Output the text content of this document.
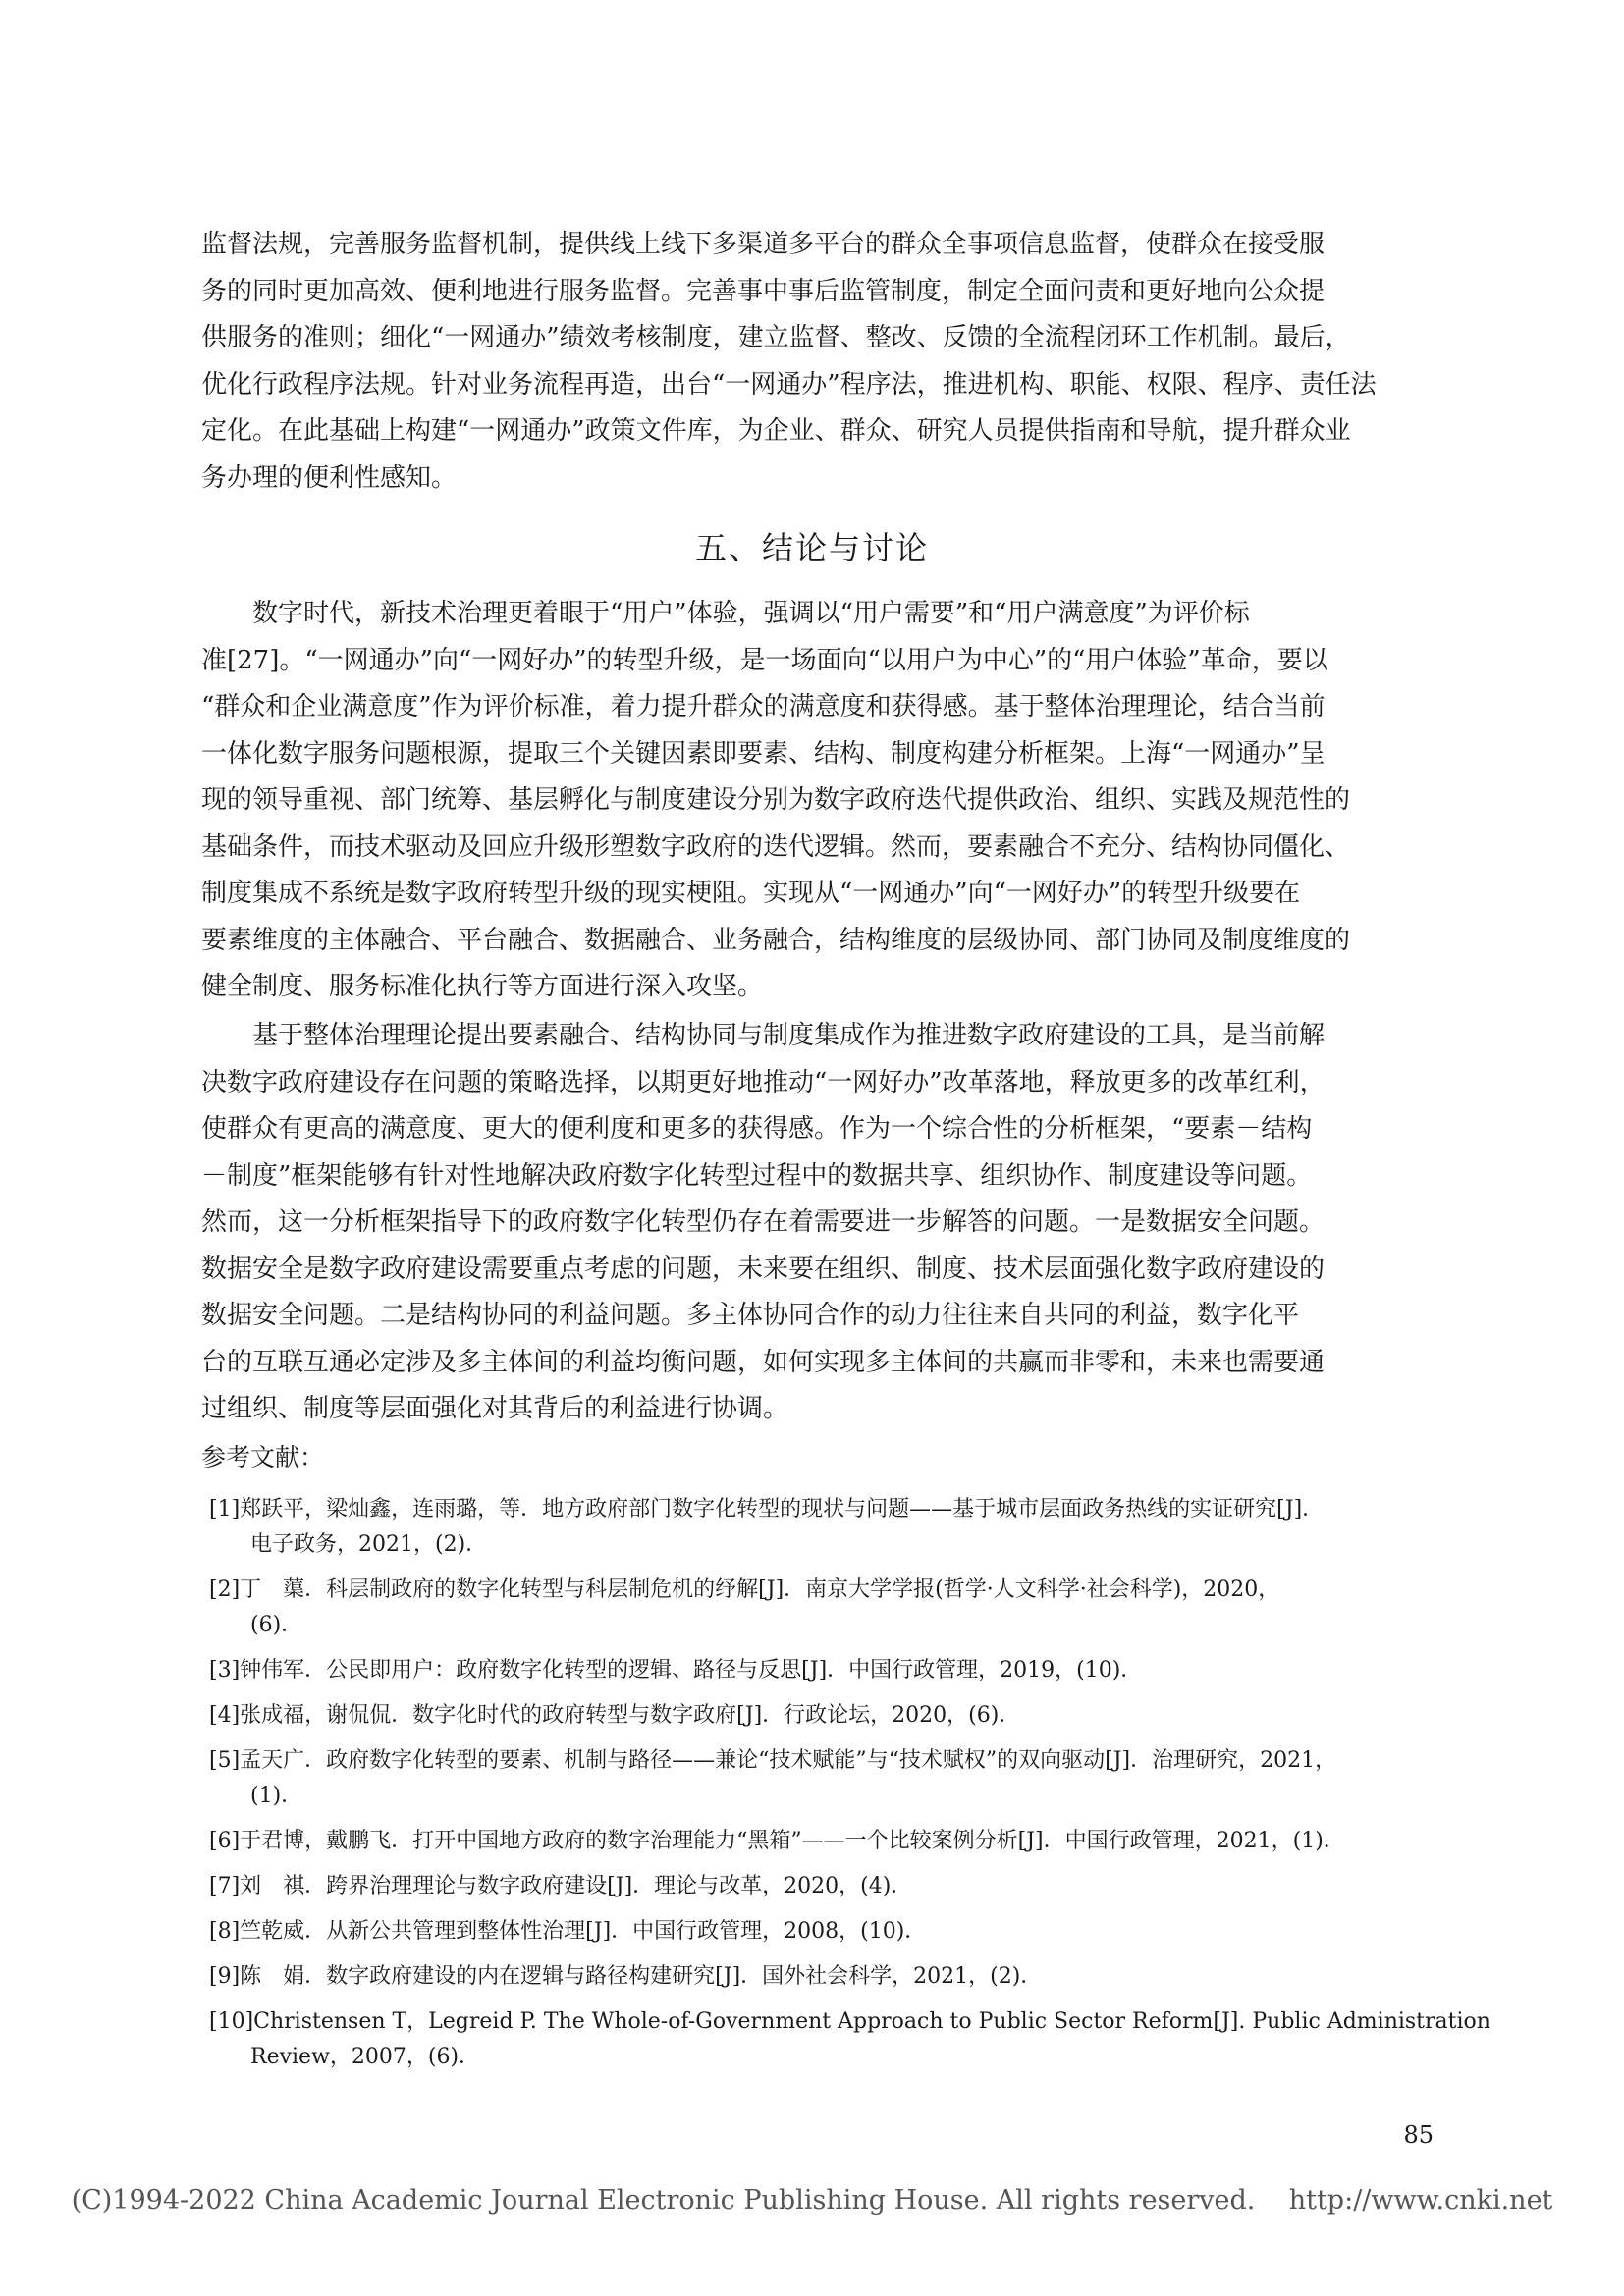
监督法规，完善服务监督机制，提供线上线下多渠道多平台的群众全事项信息监督，使群众在接受服
务的同时更加高效、便利地进行服务监督。完善事中事后监管制度，制定全面问责和更好地向公众提
供服务的准则；细化“一网通办”绩效考核制度，建立监督、整改、反馈的全流程闭环工作机制。最后，
优化行政程序法规。针对业务流程再造，出台“一网通办”程序法，推进机构、职能、权限、程序、责任法
定化。在此基础上构建“一网通办”政策文件库，为企业、群众、研究人员提供指南和导航，提升群众业
务办理的便利性感知。
五、结论与讨论
数字时代，新技术治理更着眼于“用户”体验，强调以“用户需要”和“用户满意度”为评价标
准[27]。“一网通办”向“一网好办”的转型升级，是一场面向“以用户为中心”的“用户体验”革命，要以
“群众和企业满意度”作为评价标准，着力提升群众的满意度和获得感。基于整体治理理论，结合当前
一体化数字服务问题根源，提取三个关键因素即要素、结构、制度构建分析框架。上海“一网通办”呈
现的领导重视、部门统筹、基层孵化与制度建设分别为数字政府迭代提供政治、组织、实践及规范性的
基础条件，而技术驱动及回应升级形塑数字政府的迭代逻辑。然而，要素融合不充分、结构协同僵化、
制度集成不系统是数字政府转型升级的现实梗阻。实现从“一网通办”向“一网好办”的转型升级要在
要素维度的主体融合、平台融合、数据融合、业务融合，结构维度的层级协同、部门协同及制度维度的
健全制度、服务标准化执行等方面进行深入攻坚。
基于整体治理理论提出要素融合、结构协同与制度集成作为推进数字政府建设的工具，是当前解
决数字政府建设存在问题的策略选择，以期更好地推动“一网好办”改革落地，释放更多的改革红利，
使群众有更高的满意度、更大的便利度和更多的获得感。作为一个综合性的分析框架，“要素－结构
－制度”框架能够有针对性地解决政府数字化转型过程中的数据共享、组织协作、制度建设等问题。
然而，这一分析框架指导下的政府数字化转型仍存在着需要进一步解答的问题。一是数据安全问题。
数据安全是数字政府建设需要重点考虑的问题，未来要在组织、制度、技术层面强化数字政府建设的
数据安全问题。二是结构协同的利益问题。多主体协同合作的动力往往来自共同的利益，数字化平
台的互联互通必定涉及多主体间的利益均衡问题，如何实现多主体间的共赢而非零和，未来也需要通
过组织、制度等层面强化对其背后的利益进行协调。
参考文献：
[1]郑跃平，梁灿鑫，连雨璐，等．地方政府部门数字化转型的现状与问题——基于城市层面政务热线的实证研究[J]．
电子政务，2021，(2)．
[2]丁　蕖．科层制政府的数字化转型与科层制危机的纾解[J]．南京大学学报(哲学·人文科学·社会科学)，2020，
(6)．
[3]钟伟军．公民即用户：政府数字化转型的逻辑、路径与反思[J]．中国行政管理，2019，(10)．
[4]张成福，谢侃侃．数字化时代的政府转型与数字政府[J]．行政论坛，2020，(6)．
[5]孟天广．政府数字化转型的要素、机制与路径——兼论“技术赋能”与“技术赋权”的双向驱动[J]．治理研究，2021，
(1)．
[6]于君博，戴鹏飞．打开中国地方政府的数字治理能力“黑箱”——一个比较案例分析[J]．中国行政管理，2021，(1)．
[7]刘　祺．跨界治理理论与数字政府建设[J]．理论与改革，2020，(4)．
[8]竺乾威．从新公共管理到整体性治理[J]．中国行政管理，2008，(10)．
[9]陈　娟．数字政府建设的内在逻辑与路径构建研究[J]．国外社会科学，2021，(2)．
[10]Christensen T，Legreid P. The Whole-of-Government Approach to Public Sector Reform[J]. Public Administration
Review，2007，(6)．
85
(C)1994-2022 China Academic Journal Electronic Publishing House. All rights reserved.    http://www.cnki.net
